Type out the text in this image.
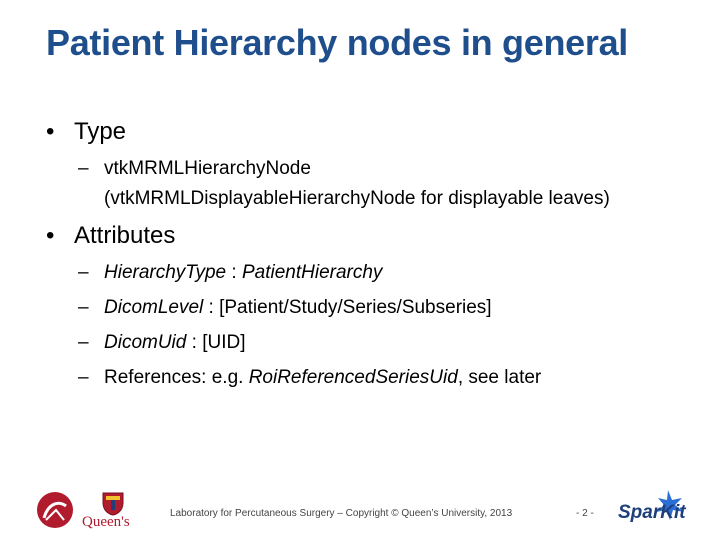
Patient Hierarchy nodes in general
• Type
– vtkMRMLHierarchyNode
(vtkMRMLDisplayableHierarchyNode for displayable leaves)
• Attributes
– HierarchyType : PatientHierarchy
– DicomLevel : [Patient/Study/Series/Subseries]
– DicomUid : [UID]
– References: e.g. RoiReferencedSeriesUid, see later
Queen's
Laboratory for Percutaneous Surgery – Copyright © Queen’s University, 2013	- 2 - SparKit
